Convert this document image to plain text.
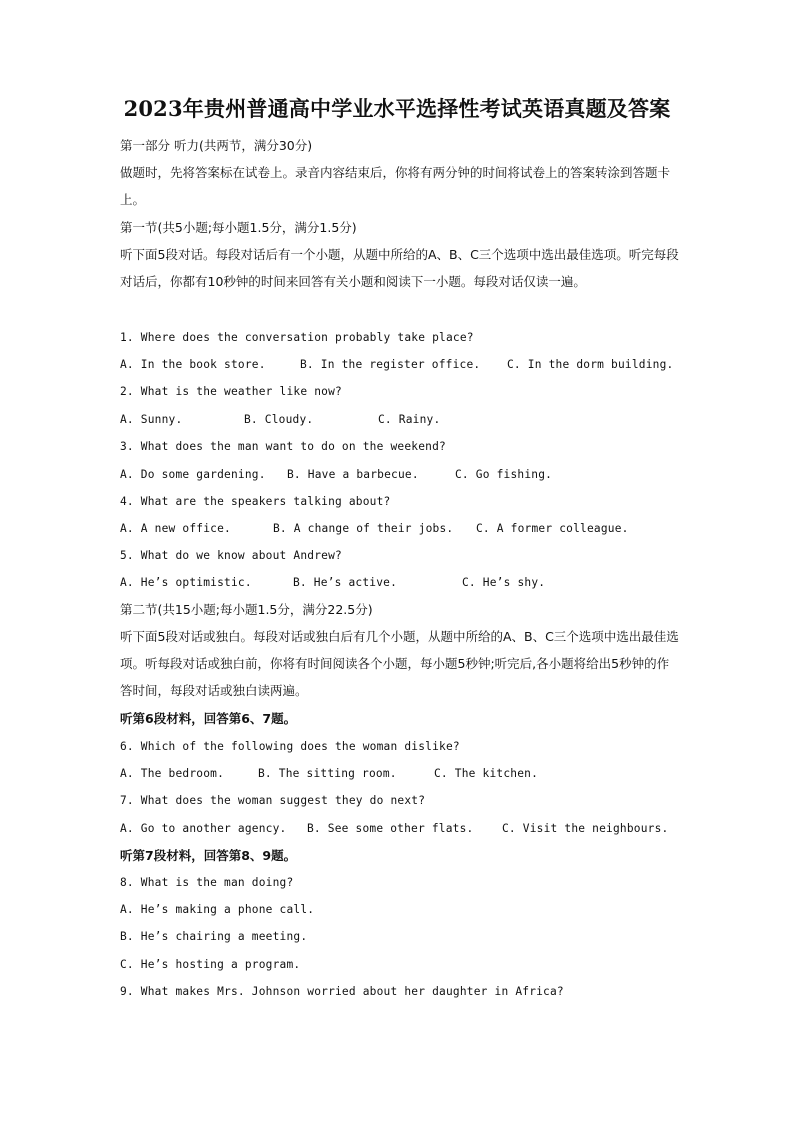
2023年贵州普通高中学业水平选择性考试英语真题及答案

第一部分 听力(共两节，满分30分)

做题时，先将答案标在试卷上。录音内容结束后，你将有两分钟的时间将试卷上的答案转涂到答题卡上。

第一节(共5小题;每小题1.5分，满分1.5分)

听下面5段对话。每段对话后有一个小题，从题中所给的A、B、C三个选项中选出最佳选项。听完每段对话后，你都有10秒钟的时间来回答有关小题和阅读下一小题。每段对话仅读一遍。

1. Where does the conversation probably take place?

A. In the book store.	B. In the register office. C. In the dorm building.

2. What is the weather like now?

A. Sunny.	B. Cloudy.	C. Rainy.

3. What does the man want to do on the weekend?

A. Do some gardening. B. Have a barbecue.	C. Go fishing.

4. What are the speakers talking about?

A. A new office.	B. A change of their jobs. C. A former colleague.

5. What do we know about Andrew?

A. He’s optimistic.	B. He’s active.	C. He’s shy.

第二节(共15小题;每小题1.5分，满分22.5分)

听下面5段对话或独白。每段对话或独白后有几个小题，从题中所给的A、B、C三个选项中选出最佳选项。听每段对话或独白前，你将有时间阅读各个小题，每小题5秒钟;听完后,各小题将给出5秒钟的作答时间，每段对话或独白读两遍。

听第6段材料，回答第6、7题。

6. Which of the following does the woman dislike?

A. The bedroom.	B. The sitting room.	C. The kitchen.

7. What does the woman suggest they do next?

A. Go to another agency. B. See some other flats.	C. Visit the neighbours.

听第7段材料，回答第8、9题。

8. What is the man doing?

A. He’s making a phone call.

B. He’s chairing a meeting.

C. He’s hosting a program.

9. What makes Mrs. Johnson worried about her daughter in Africa?
